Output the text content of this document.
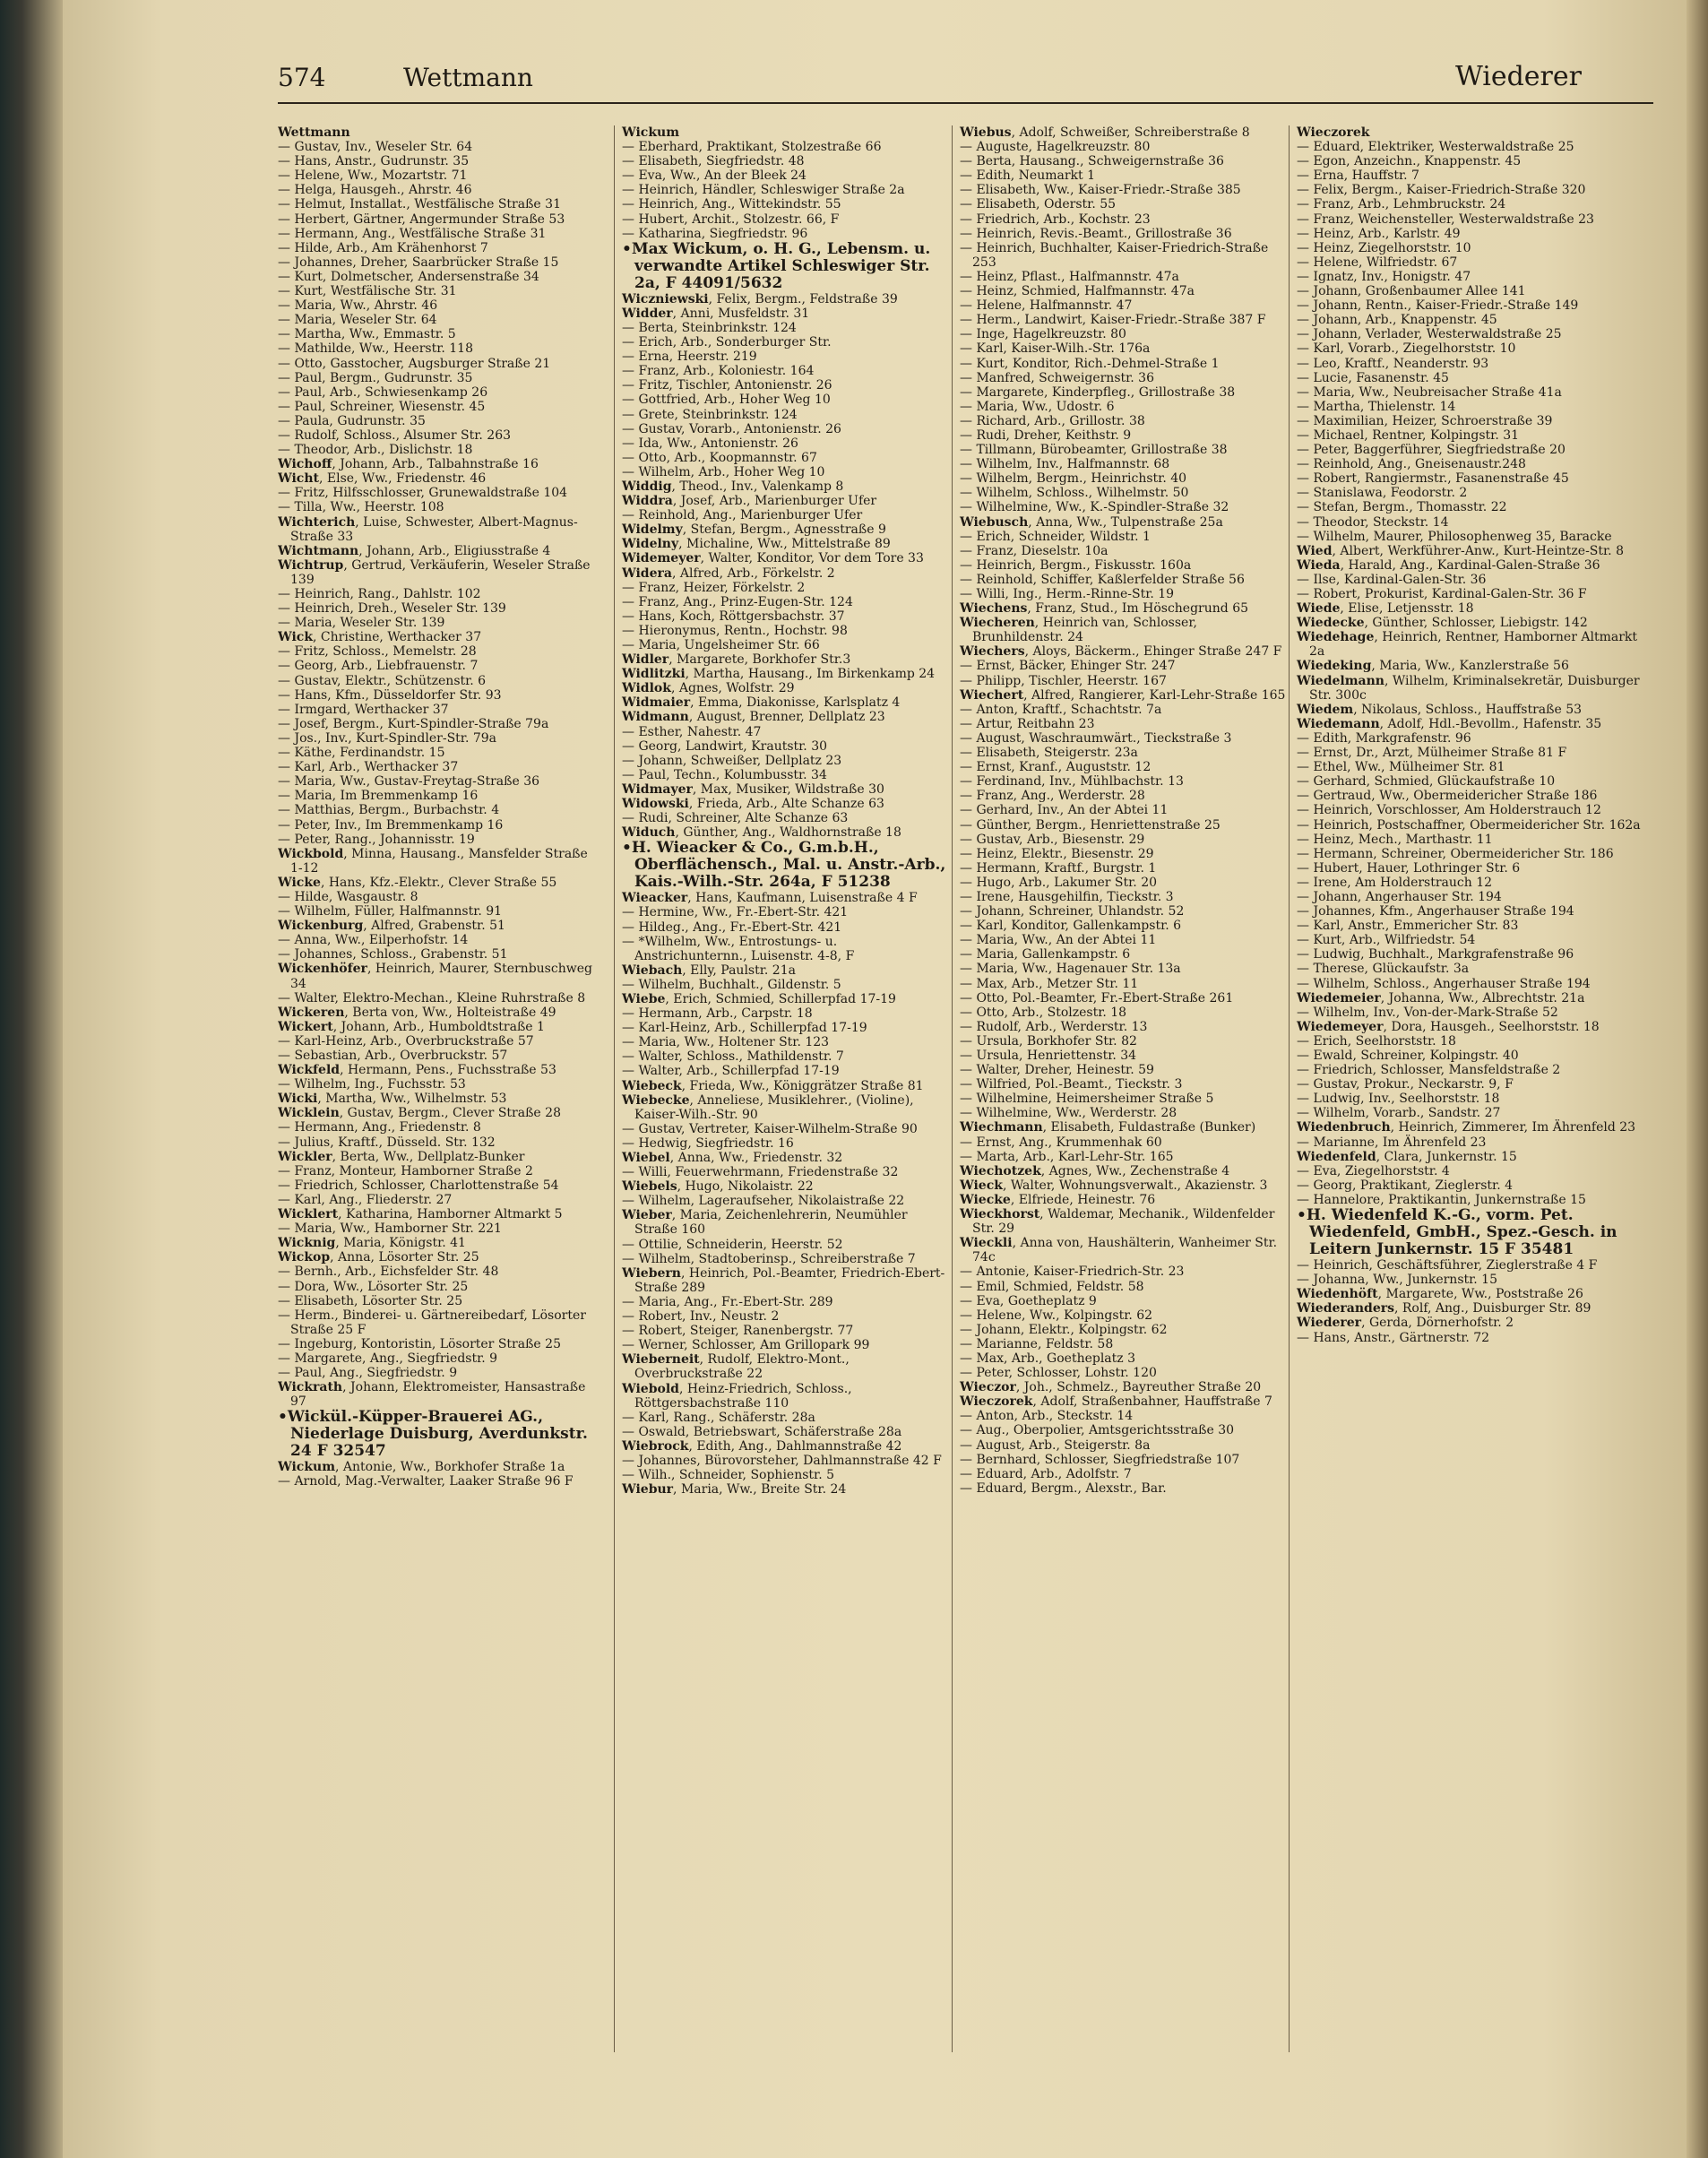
574	Wettmann	Wiederer

Wettmann

— Gustav, Inv., Weseler Str. 64

— Hans, Anstr., Gudrunstr. 35

— Helene, Ww., Mozartstr. 71

— Helga, Hausgeh., Ahrstr. 46

— Helmut, Installat., Westfälische Straße 31

— Herbert, Gärtner, Angermunder Straße 53

— Hermann, Ang., Westfälische Straße 31

— Hilde, Arb., Am Krähenhorst 7

— Johannes, Dreher, Saarbrücker Straße 15

— Kurt, Dolmetscher, Andersenstraße 34

— Kurt, Westfälische Str. 31

— Maria, Ww., Ahrstr. 46

— Maria, Weseler Str. 64

— Martha, Ww., Emmastr. 5

— Mathilde, Ww., Heerstr. 118

— Otto, Gasstocher, Augsburger Straße 21

— Paul, Bergm., Gudrunstr. 35

— Paul, Arb., Schwiesenkamp 26

— Paul, Schreiner, Wiesenstr. 45

— Paula, Gudrunstr. 35

— Rudolf, Schloss., Alsumer Str. 263

— Theodor, Arb., Dislichstr. 18

Wichoff, Johann, Arb., Talbahnstraße 16

Wicht, Else, Ww., Friedenstr. 46

— Fritz, Hilfsschlosser, Grunewaldstraße 104

— Tilla, Ww., Heerstr. 108

Wichterich, Luise, Schwester, Albert-Magnus-Straße 33

Wichtmann, Johann, Arb., Eligiusstraße 4

Wichtrup, Gertrud, Verkäuferin, Weseler Straße 139

— Heinrich, Rang., Dahlstr. 102

— Heinrich, Dreh., Weseler Str. 139

— Maria, Weseler Str. 139

Wick, Christine, Werthacker 37

— Fritz, Schloss., Memelstr. 28

— Georg, Arb., Liebfrauenstr. 7

— Gustav, Elektr., Schützenstr. 6

— Hans, Kfm., Düsseldorfer Str. 93

— Irmgard, Werthacker 37

— Josef, Bergm., Kurt-Spindler-Straße 79a

— Jos., Inv., Kurt-Spindler-Str. 79a

— Käthe, Ferdinandstr. 15

— Karl, Arb., Werthacker 37

— Maria, Ww., Gustav-Freytag-Straße 36

— Maria, Im Bremmenkamp 16

— Matthias, Bergm., Burbachstr. 4

— Peter, Inv., Im Bremmenkamp 16

— Peter, Rang., Johannisstr. 19

Wickbold, Minna, Hausang., Mansfelder Straße 1-12

Wicke, Hans, Kfz.-Elektr., Clever Straße 55

— Hilde, Wasgaustr. 8

— Wilhelm, Füller, Halfmannstr. 91

Wickenburg, Alfred, Grabenstr. 51

— Anna, Ww., Eilperhofstr. 14

— Johannes, Schloss., Grabenstr. 51

Wickenhöfer, Heinrich, Maurer, Sternbuschweg 34

— Walter, Elektro-Mechan., Kleine Ruhrstraße 8

Wickeren, Berta von, Ww., Holteistraße 49

Wickert, Johann, Arb., Humboldtstraße 1

— Karl-Heinz, Arb., Overbruckstraße 57

— Sebastian, Arb., Overbruckstr. 57

Wickfeld, Hermann, Pens., Fuchsstraße 53

— Wilhelm, Ing., Fuchsstr. 53

Wicki, Martha, Ww., Wilhelmstr. 53

Wicklein, Gustav, Bergm., Clever Straße 28

— Hermann, Ang., Friedenstr. 8

— Julius, Kraftf., Düsseld. Str. 132

Wickler, Berta, Ww., Dellplatz-Bunker

— Franz, Monteur, Hamborner Straße 2

— Friedrich, Schlosser, Charlottenstraße 54

— Karl, Ang., Fliederstr. 27

Wicklert, Katharina, Hamborner Altmarkt 5

— Maria, Ww., Hamborner Str. 221

Wicknig, Maria, Königstr. 41

Wickop, Anna, Lösorter Str. 25

— Bernh., Arb., Eichsfelder Str. 48

— Dora, Ww., Lösorter Str. 25

— Elisabeth, Lösorter Str. 25

— Herm., Binderei- u. Gärtnereibedarf, Lösorter Straße 25 F

— Ingeburg, Kontoristin, Lösorter Straße 25

— Margarete, Ang., Siegfriedstr. 9

— Paul, Ang., Siegfriedstr. 9

Wickrath, Johann, Elektromeister, Hansastraße 97

•Wickül.-Küpper-Brauerei AG., Niederlage Duisburg, Averdunkstr. 24 F 32547

Wickum, Antonie, Ww., Borkhofer Straße 1a

— Arnold, Mag.-Verwalter, Laaker Straße 96 F

Wickum

— Eberhard, Praktikant, Stolzestraße 66

— Elisabeth, Siegfriedstr. 48

— Eva, Ww., An der Bleek 24

— Heinrich, Händler, Schleswiger Straße 2a

— Heinrich, Ang., Wittekindstr. 55

— Hubert, Archit., Stolzestr. 66, F

— Katharina, Siegfriedstr. 96

•Max Wickum, o. H. G., Lebensm. u. verwandte Artikel Schleswiger Str. 2a, F 44091/5632

Wiczniewski, Felix, Bergm., Feldstraße 39

Widder, Anni, Musfeldstr. 31

— Berta, Steinbrinkstr. 124

— Erich, Arb., Sonderburger Str.

— Erna, Heerstr. 219

— Franz, Arb., Koloniestr. 164

— Fritz, Tischler, Antonienstr. 26

— Gottfried, Arb., Hoher Weg 10

— Grete, Steinbrinkstr. 124

— Gustav, Vorarb., Antonienstr. 26

— Ida, Ww., Antonienstr. 26

— Otto, Arb., Koopmannstr. 67

— Wilhelm, Arb., Hoher Weg 10

Widdig, Theod., Inv., Valenkamp 8

Widdra, Josef, Arb., Marienburger Ufer

— Reinhold, Ang., Marienburger Ufer

Widelmy, Stefan, Bergm., Agnesstraße 9

Widelny, Michaline, Ww., Mittelstraße 89

Widemeyer, Walter, Konditor, Vor dem Tore 33

Widera, Alfred, Arb., Förkelstr. 2

— Franz, Heizer, Förkelstr. 2

— Franz, Ang., Prinz-Eugen-Str. 124

— Hans, Koch, Röttgersbachstr. 37

— Hieronymus, Rentn., Hochstr. 98

— Maria, Ungelsheimer Str. 66

Widler, Margarete, Borkhofer Str.3

Widlitzki, Martha, Hausang., Im Birkenkamp 24

Widlok, Agnes, Wolfstr. 29

Widmaier, Emma, Diakonisse, Karlsplatz 4

Widmann, August, Brenner, Dellplatz 23

— Esther, Nahestr. 47

— Georg, Landwirt, Krautstr. 30

— Johann, Schweißer, Dellplatz 23

— Paul, Techn., Kolumbusstr. 34

Widmayer, Max, Musiker, Wildstraße 30

Widowski, Frieda, Arb., Alte Schanze 63

— Rudi, Schreiner, Alte Schanze 63

Widuch, Günther, Ang., Waldhornstraße 18

•H. Wieacker & Co., G.m.b.H., Oberflächensch., Mal. u. Anstr.-Arb., Kais.-Wilh.-Str. 264a, F 51238

Wieacker, Hans, Kaufmann, Luisenstraße 4 F

— Hermine, Ww., Fr.-Ebert-Str. 421

— Hildeg., Ang., Fr.-Ebert-Str. 421

— *Wilhelm, Ww., Entrostungs- u. Anstrichunternn., Luisenstr. 4-8, F

Wiebach, Elly, Paulstr. 21a

— Wilhelm, Buchhalt., Gildenstr. 5

Wiebe, Erich, Schmied, Schillerpfad 17-19

— Hermann, Arb., Carpstr. 18

— Karl-Heinz, Arb., Schillerpfad 17-19

— Maria, Ww., Holtener Str. 123

— Walter, Schloss., Mathildenstr. 7

— Walter, Arb., Schillerpfad 17-19

Wiebeck, Frieda, Ww., Königgrätzer Straße 81

Wiebecke, Anneliese, Musiklehrer., (Violine), Kaiser-Wilh.-Str. 90

— Gustav, Vertreter, Kaiser-Wilhelm-Straße 90

— Hedwig, Siegfriedstr. 16

Wiebel, Anna, Ww., Friedenstr. 32

— Willi, Feuerwehrmann, Friedenstraße 32

Wiebels, Hugo, Nikolaistr. 22

— Wilhelm, Lageraufseher, Nikolaistraße 22

Wieber, Maria, Zeichenlehrerin, Neumühler Straße 160

— Ottilie, Schneiderin, Heerstr. 52

— Wilhelm, Stadtoberinsp., Schreiberstraße 7

Wiebern, Heinrich, Pol.-Beamter, Friedrich-Ebert-Straße 289

— Maria, Ang., Fr.-Ebert-Str. 289

— Robert, Inv., Neustr. 2

— Robert, Steiger, Ranenbergstr. 77

— Werner, Schlosser, Am Grillopark 99

Wieberneit, Rudolf, Elektro-Mont., Overbruckstraße 22

Wiebold, Heinz-Friedrich, Schloss., Röttgersbachstraße 110

— Karl, Rang., Schäferstr. 28a

— Oswald, Betriebswart, Schäferstraße 28a

Wiebrock, Edith, Ang., Dahlmannstraße 42

— Johannes, Bürovorsteher, Dahlmannstraße 42 F

— Wilh., Schneider, Sophienstr. 5

Wiebur, Maria, Ww., Breite Str. 24

Wiebus, Adolf, Schweißer, Schreiberstraße 8

— Auguste, Hagelkreuzstr. 80

— Berta, Hausang., Schweigernstraße 36

— Edith, Neumarkt 1

— Elisabeth, Ww., Kaiser-Friedr.-Straße 385

— Elisabeth, Oderstr. 55

— Friedrich, Arb., Kochstr. 23

— Heinrich, Revis.-Beamt., Grillostraße 36

— Heinrich, Buchhalter, Kaiser-Friedrich-Straße 253

— Heinz, Pflast., Halfmannstr. 47a

— Heinz, Schmied, Halfmannstr. 47a

— Helene, Halfmannstr. 47

— Herm., Landwirt, Kaiser-Friedr.-Straße 387 F

— Inge, Hagelkreuzstr. 80

— Karl, Kaiser-Wilh.-Str. 176a

— Kurt, Konditor, Rich.-Dehmel-Straße 1

— Manfred, Schweigernstr. 36

— Margarete, Kinderpfleg., Grillostraße 38

— Maria, Ww., Udostr. 6

— Richard, Arb., Grillostr. 38

— Rudi, Dreher, Keithstr. 9

— Tillmann, Bürobeamter, Grillostraße 38

— Wilhelm, Inv., Halfmannstr. 68

— Wilhelm, Bergm., Heinrichstr. 40

— Wilhelm, Schloss., Wilhelmstr. 50

— Wilhelmine, Ww., K.-Spindler-Straße 32

Wiebusch, Anna, Ww., Tulpenstraße 25a

— Erich, Schneider, Wildstr. 1

— Franz, Dieselstr. 10a

— Heinrich, Bergm., Fiskusstr. 160a

— Reinhold, Schiffer, Kaßlerfelder Straße 56

— Willi, Ing., Herm.-Rinne-Str. 19

Wiechens, Franz, Stud., Im Höschegrund 65

Wiecheren, Heinrich van, Schlosser, Brunhildenstr. 24

Wiechers, Aloys, Bäckerm., Ehinger Straße 247 F

— Ernst, Bäcker, Ehinger Str. 247

— Philipp, Tischler, Heerstr. 167

Wiechert, Alfred, Rangierer, Karl-Lehr-Straße 165

— Anton, Kraftf., Schachtstr. 7a

— Artur, Reitbahn 23

— August, Waschraumwärt., Tieckstraße 3

— Elisabeth, Steigerstr. 23a

— Ernst, Kranf., Auguststr. 12

— Ferdinand, Inv., Mühlbachstr. 13

— Franz, Ang., Werderstr. 28

— Gerhard, Inv., An der Abtei 11

— Günther, Bergm., Henriettenstraße 25

— Gustav, Arb., Biesenstr. 29

— Heinz, Elektr., Biesenstr. 29

— Hermann, Kraftf., Burgstr. 1

— Hugo, Arb., Lakumer Str. 20

— Irene, Hausgehilfin, Tieckstr. 3

— Johann, Schreiner, Uhlandstr. 52

— Karl, Konditor, Gallenkampstr. 6

— Maria, Ww., An der Abtei 11

— Maria, Gallenkampstr. 6

— Maria, Ww., Hagenauer Str. 13a

— Max, Arb., Metzer Str. 11

— Otto, Pol.-Beamter, Fr.-Ebert-Straße 261

— Otto, Arb., Stolzestr. 18

— Rudolf, Arb., Werderstr. 13

— Ursula, Borkhofer Str. 82

— Ursula, Henriettenstr. 34

— Walter, Dreher, Heinestr. 59

— Wilfried, Pol.-Beamt., Tieckstr. 3

— Wilhelmine, Heimersheimer Straße 5

— Wilhelmine, Ww., Werderstr. 28

Wiechmann, Elisabeth, Fuldastraße (Bunker)

— Ernst, Ang., Krummenhak 60

— Marta, Arb., Karl-Lehr-Str. 165

Wiechotzek, Agnes, Ww., Zechenstraße 4

Wieck, Walter, Wohnungsverwalt., Akazienstr. 3

Wiecke, Elfriede, Heinestr. 76

Wieckhorst, Waldemar, Mechanik., Wildenfelder Str. 29

Wieckli, Anna von, Haushälterin, Wanheimer Str. 74c

— Antonie, Kaiser-Friedrich-Str. 23

— Emil, Schmied, Feldstr. 58

— Eva, Goetheplatz 9

— Helene, Ww., Kolpingstr. 62

— Johann, Elektr., Kolpingstr. 62

— Marianne, Feldstr. 58

— Max, Arb., Goetheplatz 3

— Peter, Schlosser, Lohstr. 120

Wieczor, Joh., Schmelz., Bayreuther Straße 20

Wieczorek, Adolf, Straßenbahner, Hauffstraße 7

— Anton, Arb., Steckstr. 14

— Aug., Oberpolier, Amtsgerichtsstraße 30

— August, Arb., Steigerstr. 8a

— Bernhard, Schlosser, Siegfriedstraße 107

— Eduard, Arb., Adolfstr. 7

— Eduard, Bergm., Alexstr., Bar.

Wieczorek

— Eduard, Elektriker, Westerwaldstraße 25

— Egon, Anzeichn., Knappenstr. 45

— Erna, Hauffstr. 7

— Felix, Bergm., Kaiser-Friedrich-Straße 320

— Franz, Arb., Lehmbruckstr. 24

— Franz, Weichensteller, Westerwaldstraße 23

— Heinz, Arb., Karlstr. 49

— Heinz, Ziegelhorststr. 10

— Helene, Wilfriedstr. 67

— Ignatz, Inv., Honigstr. 47

— Johann, Großenbaumer Allee 141

— Johann, Rentn., Kaiser-Friedr.-Straße 149

— Johann, Arb., Knappenstr. 45

— Johann, Verlader, Westerwaldstraße 25

— Karl, Vorarb., Ziegelhorststr. 10

— Leo, Kraftf., Neanderstr. 93

— Lucie, Fasanenstr. 45

— Maria, Ww., Neubreisacher Straße 41a

— Martha, Thielenstr. 14

— Maximilian, Heizer, Schroerstraße 39

— Michael, Rentner, Kolpingstr. 31

— Peter, Baggerführer, Siegfriedstraße 20

— Reinhold, Ang., Gneisenaustr.248

— Robert, Rangiermstr., Fasanenstraße 45

— Stanislawa, Feodorstr. 2

— Stefan, Bergm., Thomasstr. 22

— Theodor, Steckstr. 14

— Wilhelm, Maurer, Philosophenweg 35, Baracke

Wied, Albert, Werkführer-Anw., Kurt-Heintze-Str. 8

Wieda, Harald, Ang., Kardinal-Galen-Straße 36

— Ilse, Kardinal-Galen-Str. 36

— Robert, Prokurist, Kardinal-Galen-Str. 36 F

Wiede, Elise, Letjensstr. 18

Wiedecke, Günther, Schlosser, Liebigstr. 142

Wiedehage, Heinrich, Rentner, Hamborner Altmarkt 2a

Wiedeking, Maria, Ww., Kanzlerstraße 56

Wiedelmann, Wilhelm, Kriminalsekretär, Duisburger Str. 300c

Wiedem, Nikolaus, Schloss., Hauffstraße 53

Wiedemann, Adolf, Hdl.-Bevollm., Hafenstr. 35

— Edith, Markgrafenstr. 96

— Ernst, Dr., Arzt, Mülheimer Straße 81 F

— Ethel, Ww., Mülheimer Str. 81

— Gerhard, Schmied, Glückaufstraße 10

— Gertraud, Ww., Obermeidericher Straße 186

— Heinrich, Vorschlosser, Am Holderstrauch 12

— Heinrich, Postschaffner, Obermeidericher Str. 162a

— Heinz, Mech., Marthastr. 11

— Hermann, Schreiner, Obermeidericher Str. 186

— Hubert, Hauer, Lothringer Str. 6

— Irene, Am Holderstrauch 12

— Johann, Angerhauser Str. 194

— Johannes, Kfm., Angerhauser Straße 194

— Karl, Anstr., Emmericher Str. 83

— Kurt, Arb., Wilfriedstr. 54

— Ludwig, Buchhalt., Markgrafenstraße 96

— Therese, Glückaufstr. 3a

— Wilhelm, Schloss., Angerhauser Straße 194

Wiedemeier, Johanna, Ww., Albrechtstr. 21a

— Wilhelm, Inv., Von-der-Mark-Straße 52

Wiedemeyer, Dora, Hausgeh., Seelhorststr. 18

— Erich, Seelhorststr. 18

— Ewald, Schreiner, Kolpingstr. 40

— Friedrich, Schlosser, Mansfeldstraße 2

— Gustav, Prokur., Neckarstr. 9, F

— Ludwig, Inv., Seelhorststr. 18

— Wilhelm, Vorarb., Sandstr. 27

Wiedenbruch, Heinrich, Zimmerer, Im Ährenfeld 23

— Marianne, Im Ährenfeld 23

Wiedenfeld, Clara, Junkernstr. 15

— Eva, Ziegelhorststr. 4

— Georg, Praktikant, Zieglerstr. 4

— Hannelore, Praktikantin, Junkernstraße 15

•H. Wiedenfeld K.-G., vorm. Pet. Wiedenfeld, GmbH., Spez.-Gesch. in Leitern Junkernstr. 15 F 35481

— Heinrich, Geschäftsführer, Zieglerstraße 4 F

— Johanna, Ww., Junkernstr. 15

Wiedenhöft, Margarete, Ww., Poststraße 26

Wiederanders, Rolf, Ang., Duisburger Str. 89

Wiederer, Gerda, Dörnerhofstr. 2

— Hans, Anstr., Gärtnerstr. 72
